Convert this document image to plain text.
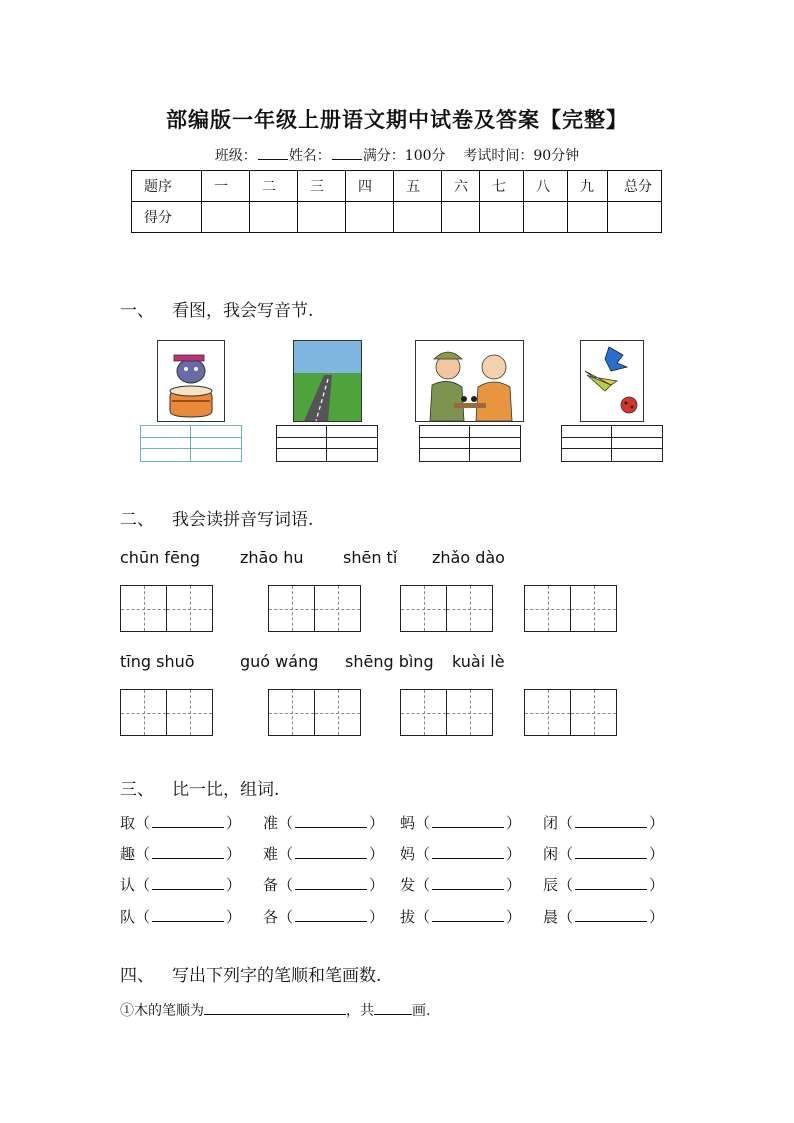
部编版一年级上册语文期中试卷及答案【完整】
班级： 姓名： 满分：100分 考试时间：90分钟
题序	一	二	三	四	五	六	七	八	九	总分
得分										
一、 看图，我会写音节.
二、 我会读拼音写词语.
chūn fēng zhāo hu shēn tǐ zhǎo dào
tīng shuō	guó wáng shēng bìng kuài lè
三、 比一比，组词.
取（	） 准（	） 蚂（	） 闭（	）
趣（	） 难（	） 妈（	） 闲（	）
认（	） 备（	） 发（	） 辰（	）
队（	） 各（	） 拔（	） 晨（	）
四、 写出下列字的笔顺和笔画数.
①木的笔顺为	，共	画.
